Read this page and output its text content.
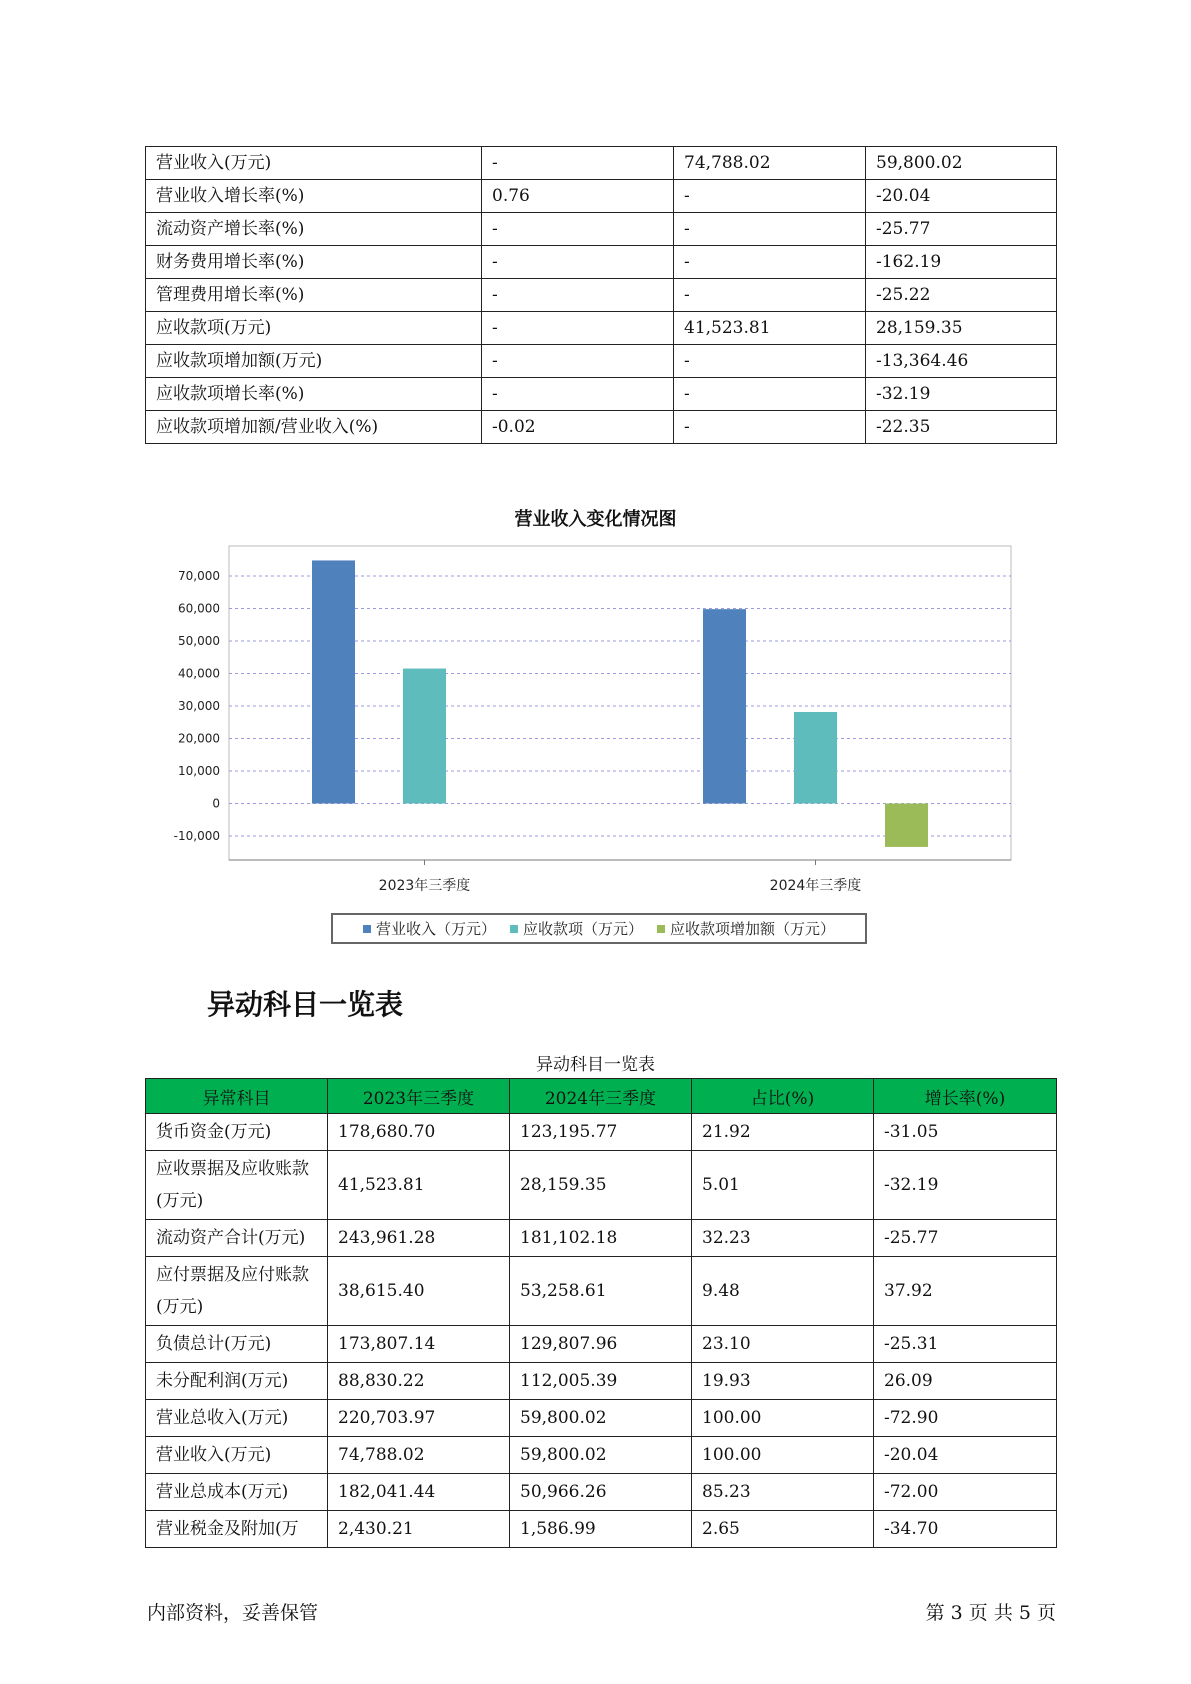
营业收入(万元)	-	74,788.02	59,800.02
营业收入增长率(%)	0.76	-	-20.04
流动资产增长率(%)	-	-	-25.77
财务费用增长率(%)	-	-	-162.19
管理费用增长率(%)	-	-	-25.22
应收款项(万元)	-	41,523.81	28,159.35
应收款项增加额(万元)	-	-	-13,364.46
应收款项增长率(%)	-	-	-32.19
应收款项增加额/营业收入(%)	-0.02	-	-22.35
营业收入变化情况图
70,000
60,000
50,000
40,000
30,000
20,000
10,000
0
-10,000
2023年三季度	2024年三季度
营业收入（万元） 应收款项（万元） 应收款项增加额（万元）
异动科目一览表
异动科目一览表
异常科目	2023年三季度	2024年三季度	占比(%)	增长率(%)
货币资金(万元)	178,680.70	123,195.77	21.92	-31.05
应收票据及应收账款(万元)	41,523.81	28,159.35	5.01	-32.19
流动资产合计(万元)	243,961.28	181,102.18	32.23	-25.77
应付票据及应付账款(万元)	38,615.40	53,258.61	9.48	37.92
负债总计(万元)	173,807.14	129,807.96	23.10	-25.31
未分配利润(万元)	88,830.22	112,005.39	19.93	26.09
营业总收入(万元)	220,703.97	59,800.02	100.00	-72.90
营业收入(万元)	74,788.02	59,800.02	100.00	-20.04
营业总成本(万元)	182,041.44	50,966.26	85.23	-72.00
营业税金及附加(万	2,430.21	1,586.99	2.65	-34.70
内部资料，妥善保管	第 3 页 共 5 页
